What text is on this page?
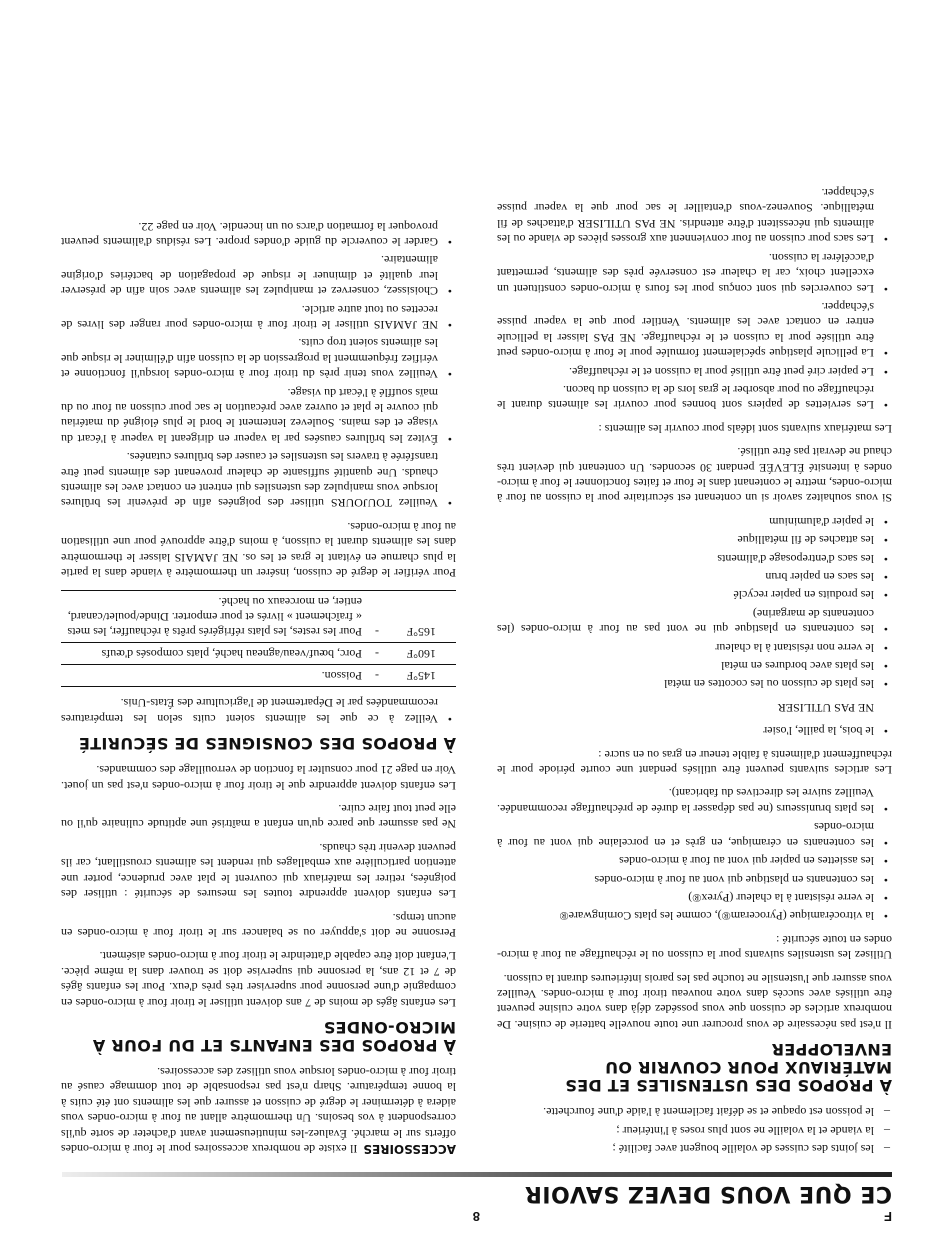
F
8
CE QUE VOUS DEVEZ SAVOIR
– les joints des cuisses de volaille bougent avec facilité ;
– la viande et la volaille ne sont plus roses à l'intérieur ;
– le poisson est opaque et se défait facilement à l'aide d'une fourchette.
À PROPOS DES USTENSILES ET DES MATÉRIAUX POUR COUVRIR OU ENVELOPPER

Il n'est pas nécessaire de vous procurer une toute nouvelle batterie de cuisine. De nombreux articles de cuisson que vous possédez déjà dans votre cuisine peuvent être utilisés avec succès dans votre nouveau tiroir four à micro-ondes. Veuillez vous assurer que l'ustensile ne touche pas les parois intérieures durant la cuisson.

Utilisez les ustensiles suivants pour la cuisson ou le réchauffage au four à micro-ondes en toute sécurité :

• la vitrocéramique (Pyroceram®), comme les plats Corningware®
• le verre résistant à la chaleur (Pyrex®)
• les contenants en plastique qui vont au four à micro-ondes
• les assiettes en papier qui vont au four à micro-ondes
• les contenants en céramique, en grès et en porcelaine qui vont au four à micro-ondes
• les plats brunisseurs (ne pas dépasser la durée de préchauffage recommandée. Veuillez suivre les directives du fabricant).

Les articles suivants peuvent être utilisés pendant une courte période pour le réchauffement d'aliments à faible teneur en gras ou en sucre :

• le bois, la paille, l'osier

NE PAS UTILISER

• les plats de cuisson ou les cocottes en métal
• les plats avec bordures en métal
• le verre non résistant à la chaleur
• les contenants en plastique qui ne vont pas au four à micro-ondes (les contenants de margarine)
• les produits en papier recyclé
• les sacs en papier brun
• les sacs d'entreposage d'aliments
• les attaches de fil métallique
• le papier d'aluminium

Si vous souhaitez savoir si un contenant est sécuritaire pour la cuisson au four à micro-ondes, mettre le contenant dans le four et faites fonctionner le four à micro-ondes à intensité ÉLEVÉE pendant 30 secondes. Un contenant qui devient très chaud ne devrait pas être utilisé.

Les matériaux suivants sont idéals pour couvrir les aliments :

• Les serviettes de papiers sont bonnes pour couvrir les aliments durant le réchauffage ou pour absorber le gras lors de la cuisson du bacon.
• Le papier ciré peut être utilisé pour la cuisson et le réchauffage.
• La pellicule plastique spécialement formulée pour le four à micro-ondes peut être utilisée pour la cuisson et le réchauffage. NE PAS laisser la pellicule entrer en contact avec les aliments. Ventiler pour que la vapeur puisse s'échapper.
• Les couvercles qui sont conçus pour les fours à micro-ondes constituent un excellent choix, car la chaleur est conservée près des aliments, permettant d'accélérer la cuisson.
• Les sacs pour cuisson au four conviennent aux grosses pièces de viande ou les aliments qui nécessitent d'être attendris. NE PAS UTILISER d'attaches de fil métallique. Souvenez-vous d'entailler le sac pour que la vapeur puisse s'échapper.

ACCESSOIRESIl existe de nombreux accessoires pour le four à micro-ondes offerts sur le marché. Évaluez-les minutieusement avant d'acheter de sorte qu'ils correspondent à vos besoins. Un thermomètre allant au four à micro-ondes vous aidera à déterminer le degré de cuisson et assurer que les aliments ont été cuits à la bonne température. Sharp n'est pas responsable de tout dommage causé au tiroir four à micro-ondes lorsque vous utilisez des accessoires.

À PROPOS DES ENFANTS ET DU FOUR À MICRO-ONDES

Les enfants âgés de moins de 7 ans doivent utiliser le tiroir four à micro-ondes en compagnie d'une personne pour superviser très près d'eux. Pour les enfants âgés de 7 et 12 ans, la personne qui supervise doit se trouver dans la même pièce. L'enfant doit être capable d'atteindre le tiroir four à micro-ondes aisément.

Personne ne doit s'appuyer ou se balancer sur le tiroir four à micro-ondes en aucun temps.

Les enfants doivent apprendre toutes les mesures de sécurité : utiliser des poignées, retirer les matériaux qui couvrent le plat avec prudence, porter une attention particulière aux emballages qui rendent les aliments croustillant, car ils peuvent devenir très chauds.

Ne pas assumer que parce qu'un enfant a maîtrisé une aptitude culinaire qu'il ou elle peut tout faire cuire.

Les enfants doivent apprendre que le tiroir four à micro-ondes n'est pas un jouet. Voir en page 21 pour consulter la fonction de verrouillage des commandes.

À PROPOS DES CONSIGNES DE SÉCURITÉ
• Veillez à ce que les aliments soient cuits selon les températures recommandées par le Département de l'agriculture des États-Unis.
145°F	-	Poisson.
160°F	-	Porc, bœuf/veau/agneau haché, plats composés d'œufs
165°F	-	Pour les restes, les plats réfrigérés prêts à réchauffer, les mets « fraîchement » livrés et pour emporter. Dinde/poulet/canard, entier, en morceaux ou haché.

Pour vérifier le degré de cuisson, insérer un thermomètre à viande dans la partie la plus charnue en évitant le gras et les os. NE JAMAIS laisser le thermomètre dans les aliments durant la cuisson, à moins d'être approuvé pour une utilisation au four à micro-ondes.

• Veuillez TOUJOURS utiliser des poignées afin de prévenir les brûlures lorsque vous manipulez des ustensiles qui entrent en contact avec les aliments chauds. Une quantité suffisante de chaleur provenant des aliments peut être transférée à travers les ustensiles et causer des brûlures cutanées.
• Évitez les brûlures causées par la vapeur en dirigeant la vapeur à l'écart du visage et des mains. Soulevez lentement le bord le plus éloigné du matériau qui couvre le plat et ouvrez avec précaution le sac pour cuisson au four ou du maïs soufflé à l'écart du visage.
• Veuillez vous tenir près du tiroir four à micro-ondes lorsqu'il fonctionne et vérifiez fréquemment la progression de la cuisson afin d'éliminer le risque que les aliments soient trop cuits.
• NE JAMAIS utiliser le tiroir four à micro-ondes pour ranger des livres de recettes ou tout autre article.
• Choisissez, conservez et manipulez les aliments avec soin afin de préserver leur qualité et diminuer le risque de propagation de bactéries d'origine alimentaire.
• Garder le couvercle du guide d'ondes propre. Les résidus d'aliments peuvent provoquer la formation d'arcs ou un incendie. Voir en page 22.
